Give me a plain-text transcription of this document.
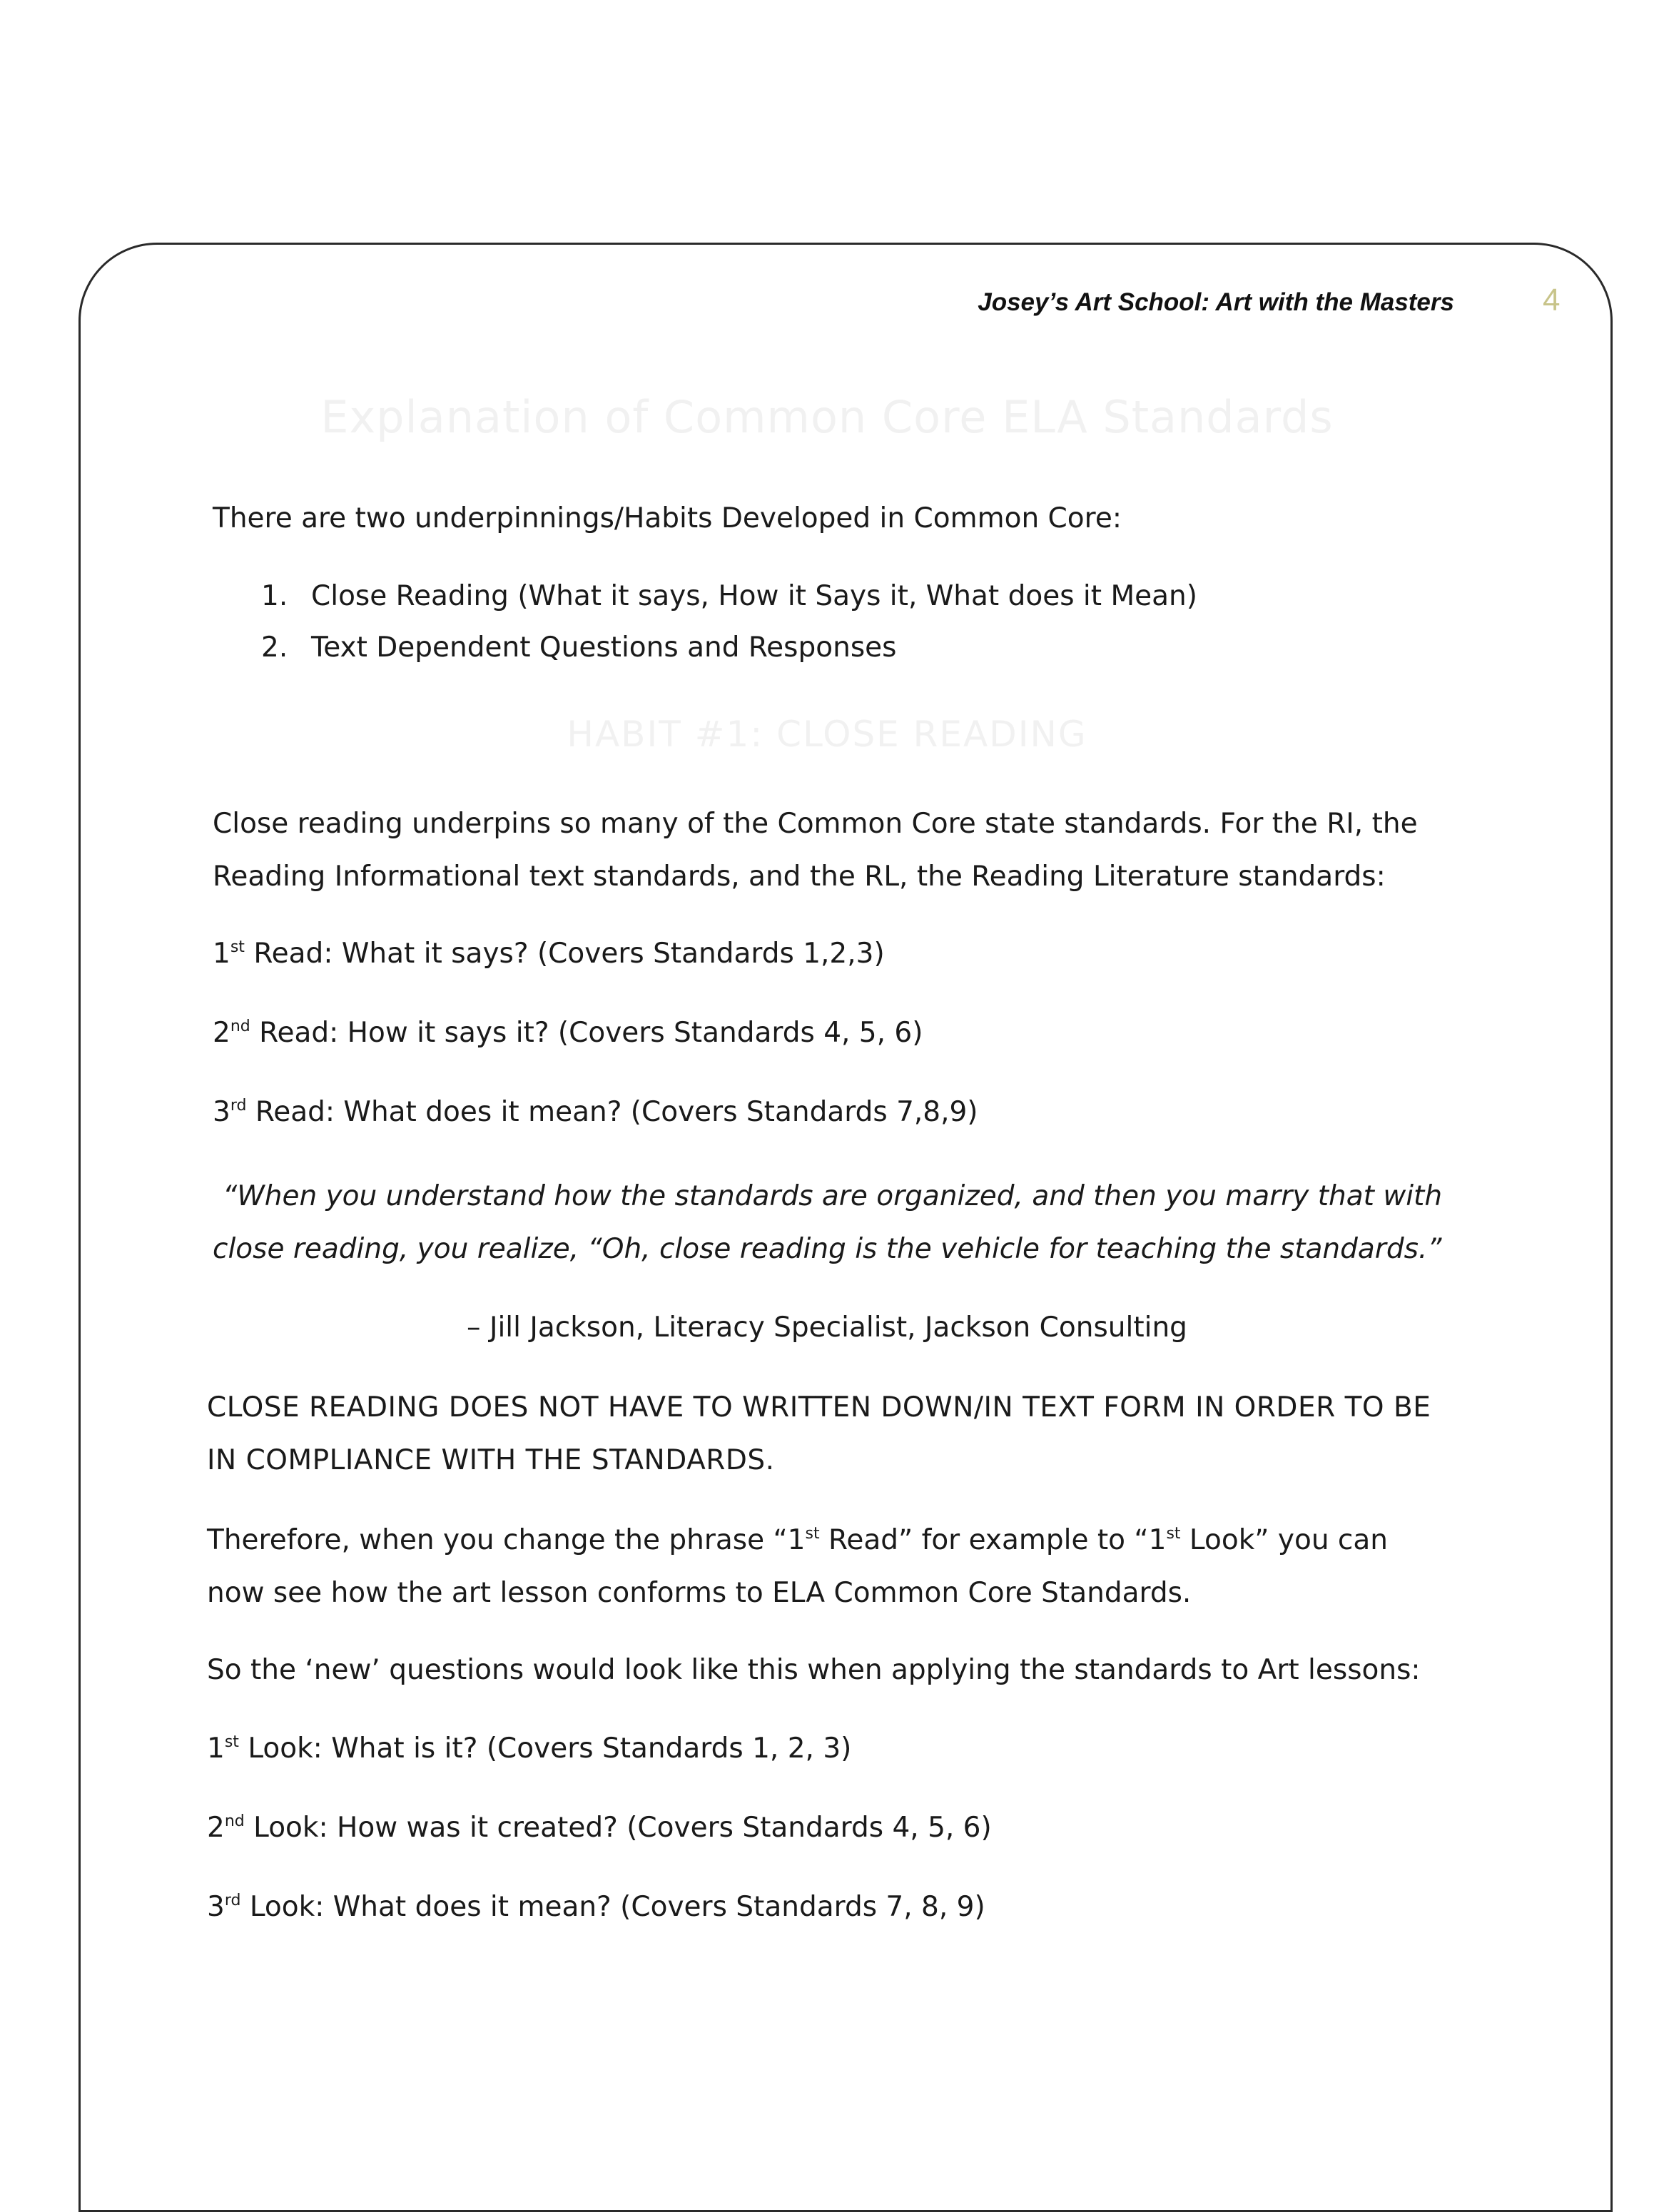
Josey’s Art School: Art with the Masters	4
Explanation of Common Core ELA Standards
There are two underpinnings/Habits Developed in Common Core:
1. Close Reading (What it says, How it Says it, What does it Mean)
2. Text Dependent Questions and Responses
HABIT #1: CLOSE READING
Close reading underpins so many of the Common Core state standards. For the RI, the
Reading Informational text standards, and the RL, the Reading Literature standards:
1st Read: What it says? (Covers Standards 1,2,3)
2nd Read: How it says it? (Covers Standards 4, 5, 6)
3rd Read: What does it mean? (Covers Standards 7,8,9)
“When you understand how the standards are organized, and then you marry that with
close reading, you realize, “Oh, close reading is the vehicle for teaching the standards.”
– Jill Jackson, Literacy Specialist, Jackson Consulting
CLOSE READING DOES NOT HAVE TO WRITTEN DOWN/IN TEXT FORM IN ORDER TO BE
IN COMPLIANCE WITH THE STANDARDS.
Therefore, when you change the phrase “1st Read” for example to “1st Look” you can
now see how the art lesson conforms to ELA Common Core Standards.
So the ‘new’ questions would look like this when applying the standards to Art lessons:
1st Look: What is it? (Covers Standards 1, 2, 3)
2nd Look: How was it created? (Covers Standards 4, 5, 6)
3rd Look: What does it mean? (Covers Standards 7, 8, 9)
